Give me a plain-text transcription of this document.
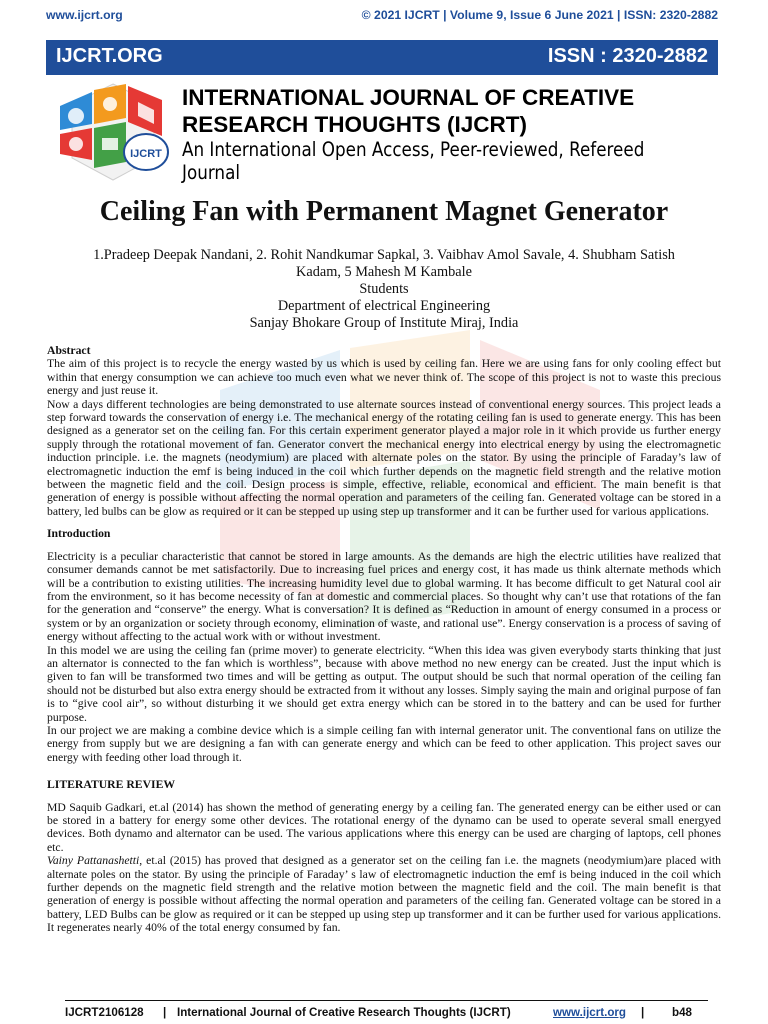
www.ijcrt.org	© 2021 IJCRT | Volume 9, Issue 6 June 2021 | ISSN: 2320-2882
IJCRT.ORG	ISSN : 2320-2882
IJCRT
INTERNATIONAL JOURNAL OF CREATIVE
RESEARCH THOUGHTS (IJCRT)
An International Open Access, Peer-reviewed, Refereed Journal
Ceiling Fan with Permanent Magnet Generator
1.Pradeep Deepak Nandani, 2. Rohit Nandkumar Sapkal, 3. Vaibhav Amol Savale, 4. Shubham Satish
Kadam, 5 Mahesh M Kambale
Students
Department of electrical Engineering
Sanjay Bhokare Group of Institute Miraj, India

Abstract

The aim of this project is to recycle the energy wasted by us which is used by ceiling fan. Here we are using fans for only cooling effect but within that energy consumption we can achieve too much even what we never think of. The scope of this project is not to waste this precious energy and just reuse it.

Now a days different technologies are being demonstrated to use alternate sources instead of conventional energy sources. This project leads a step forward towards the conservation of energy i.e. The mechanical energy of the rotating ceiling fan is used to generate energy. This has been designed as a generator set on the ceiling fan. For this certain experiment generator played a major role in it which provide us further energy supply through the rotational movement of fan. Generator convert the mechanical energy into electrical energy by using the electromagnetic induction principle. i.e. the magnets (neodymium) are placed with alternate poles on the stator. By using the principle of Faraday’s law of electromagnetic induction the emf is being induced in the coil which further depends on the magnetic field strength and the relative motion between the magnetic field and the coil. Design process is simple, effective, reliable, economical and efficient. The main benefit is that generation of energy is possible without affecting the normal operation and parameters of the ceiling fan. Generated voltage can be stored in a battery, led bulbs can be glow as required or it can be stepped up using step up transformer and it can be further used for various applications.

Introduction

Electricity is a peculiar characteristic that cannot be stored in large amounts. As the demands are high the electric utilities have realized that consumer demands cannot be met satisfactorily. Due to increasing fuel prices and energy cost, it has made us think alternate methods which will be a contribution to existing utilities. The increasing humidity level due to global warming. It has become difficult to get Natural cool air from the environment, so it has become necessity of fan at domestic and commercial places. So thought why can’t use that rotations of the fan for the generation and “conserve” the energy. What is conversation? It is defined as “Reduction in amount of energy consumed in a process or system or by an organization or society through economy, elimination of waste, and rational use”. Energy conservation is a process of saving of energy without affecting to the actual work with or without investment.

In this model we are using the ceiling fan (prime mover) to generate electricity. “When this idea was given everybody starts thinking that just an alternator is connected to the fan which is worthless”, because with above method no new energy can be created. Just the input which is given to fan will be transformed two times and will be getting as output. The output should be such that normal operation of the ceiling fan should not be disturbed but also extra energy should be extracted from it without any losses. Simply saying the main and original purpose of fan is to “give cool air”, so without disturbing it we should get extra energy which can be stored in to the battery and can be used for further purpose.

In our project we are making a combine device which is a simple ceiling fan with internal generator unit. The conventional fans on utilize the energy from supply but we are designing a fan with can generate energy and which can be feed to other application. This project saves our energy with feeding other load through it.

LITERATURE REVIEW

MD Saquib Gadkari, et.al (2014) has shown the method of generating energy by a ceiling fan. The generated energy can be either used or can be stored in a battery for energy some other devices. The rotational energy of the dynamo can be used to operate several small energyed devices. Both dynamo and alternator can be used. The various applications where this energy can be used are charging of laptops, cell phones etc.

Vainy Pattanashetti, et.al (2015) has proved that designed as a generator set on the ceiling fan i.e. the magnets (neodymium)are placed with alternate poles on the stator. By using the principle of Faraday’ s law of electromagnetic induction the emf is being induced in the coil which further depends on the magnetic field strength and the relative motion between the magnetic field and the coil. The main benefit is that generation of energy is possible without affecting the normal operation and parameters of the ceiling fan. Generated voltage can be stored in a battery, LED Bulbs can be glow as required or it can be stepped up using step up transformer and it can be further used for various applications. It regenerates nearly 40% of the total energy consumed by fan.

IJCRT2106128 | International Journal of Creative Research Thoughts (IJCRT)	www.ijcrt.org | b48
